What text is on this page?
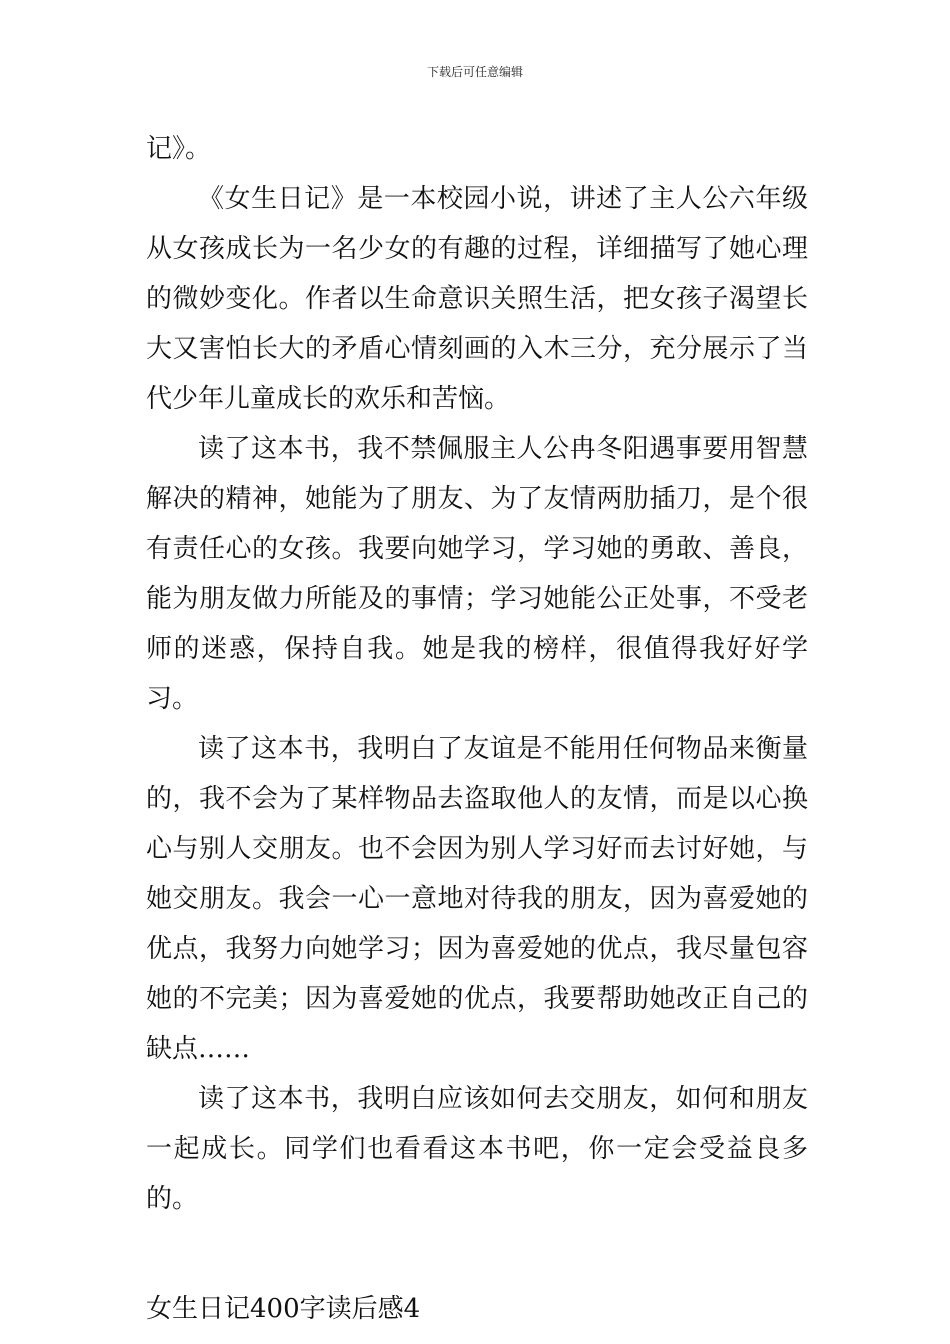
下载后可任意编辑

记》。

《女生日记》是一本校园小说，讲述了主人公六年级从女孩成长为一名少女的有趣的过程，详细描写了她心理的微妙变化。作者以生命意识关照生活，把女孩子渴望长大又害怕长大的矛盾心情刻画的入木三分，充分展示了当代少年儿童成长的欢乐和苦恼。

读了这本书，我不禁佩服主人公冉冬阳遇事要用智慧解决的精神，她能为了朋友、为了友情两肋插刀，是个很有责任心的女孩。我要向她学习，学习她的勇敢、善良，能为朋友做力所能及的事情；学习她能公正处事，不受老师的迷惑，保持自我。她是我的榜样，很值得我好好学习。

读了这本书，我明白了友谊是不能用任何物品来衡量的，我不会为了某样物品去盗取他人的友情，而是以心换心与别人交朋友。也不会因为别人学习好而去讨好她，与她交朋友。我会一心一意地对待我的朋友，因为喜爱她的优点，我努力向她学习；因为喜爱她的优点，我尽量包容她的不完美；因为喜爱她的优点，我要帮助她改正自己的缺点……

读了这本书，我明白应该如何去交朋友，如何和朋友一起成长。同学们也看看这本书吧，你一定会受益良多的。

女生日记400字读后感4
